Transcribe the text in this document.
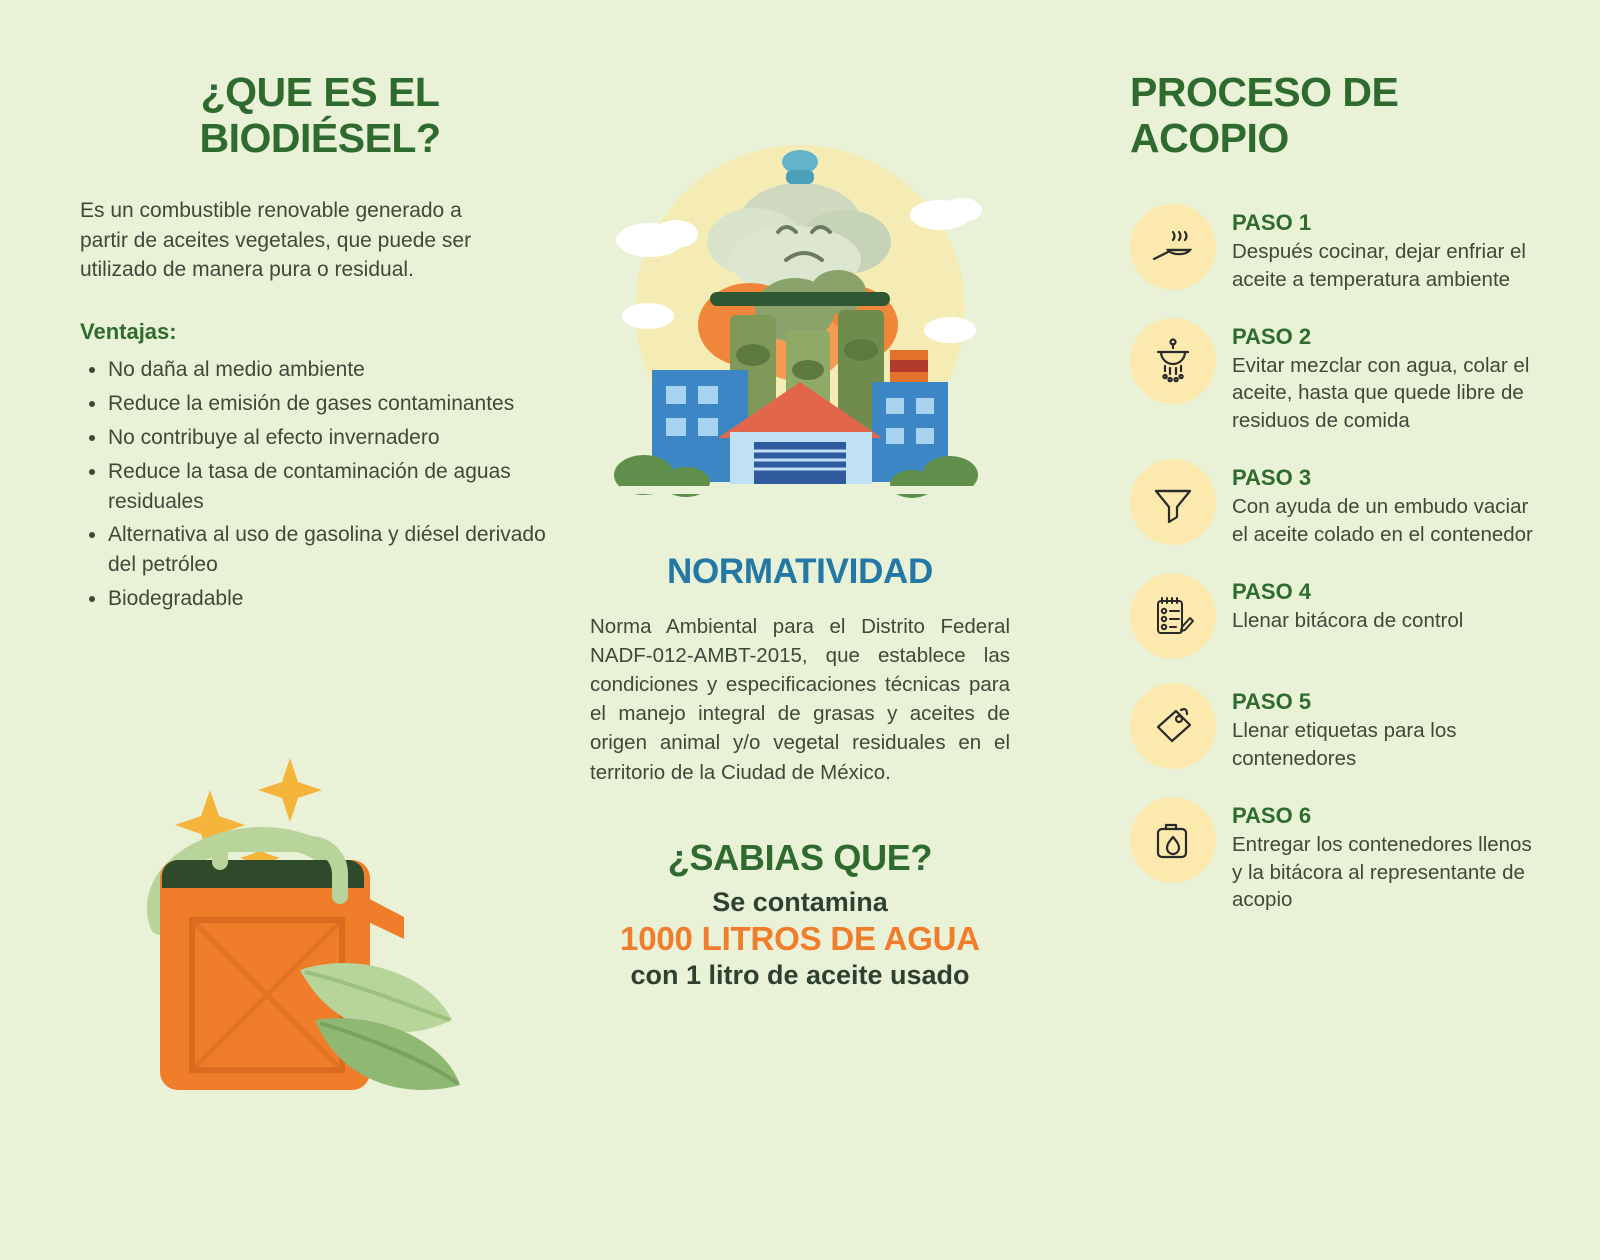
¿QUE ES EL BIODIÉSEL?
Es un combustible renovable generado a partir de aceites vegetales, que puede ser utilizado de manera pura o residual.
Ventajas:
• No daña al medio ambiente
• Reduce la emisión de gases contaminantes
• No contribuye al efecto invernadero
• Reduce la tasa de contaminación de aguas residuales
• Alternativa al uso de gasolina y diésel derivado del petróleo
• Biodegradable
NORMATIVIDAD
Norma Ambiental para el Distrito Federal NADF-012-AMBT-2015, que establece las condiciones y especificaciones técnicas para el manejo integral de grasas y aceites de origen animal y/o vegetal residuales en el territorio de la Ciudad de México.
¿SABIAS QUE?
Se contamina
1000 LITROS DE AGUA
con 1 litro de aceite usado
PROCESO DE ACOPIO
PASO 1
Después cocinar, dejar enfriar el aceite a temperatura ambiente
PASO 2
Evitar mezclar con agua, colar el aceite, hasta que quede libre de residuos de comida
PASO 3
Con ayuda de un embudo vaciar el aceite colado en el contenedor
PASO 4
Llenar bitácora de control
PASO 5
Llenar etiquetas para los contenedores
PASO 6
Entregar los contenedores llenos y la bitácora al representante de acopio
